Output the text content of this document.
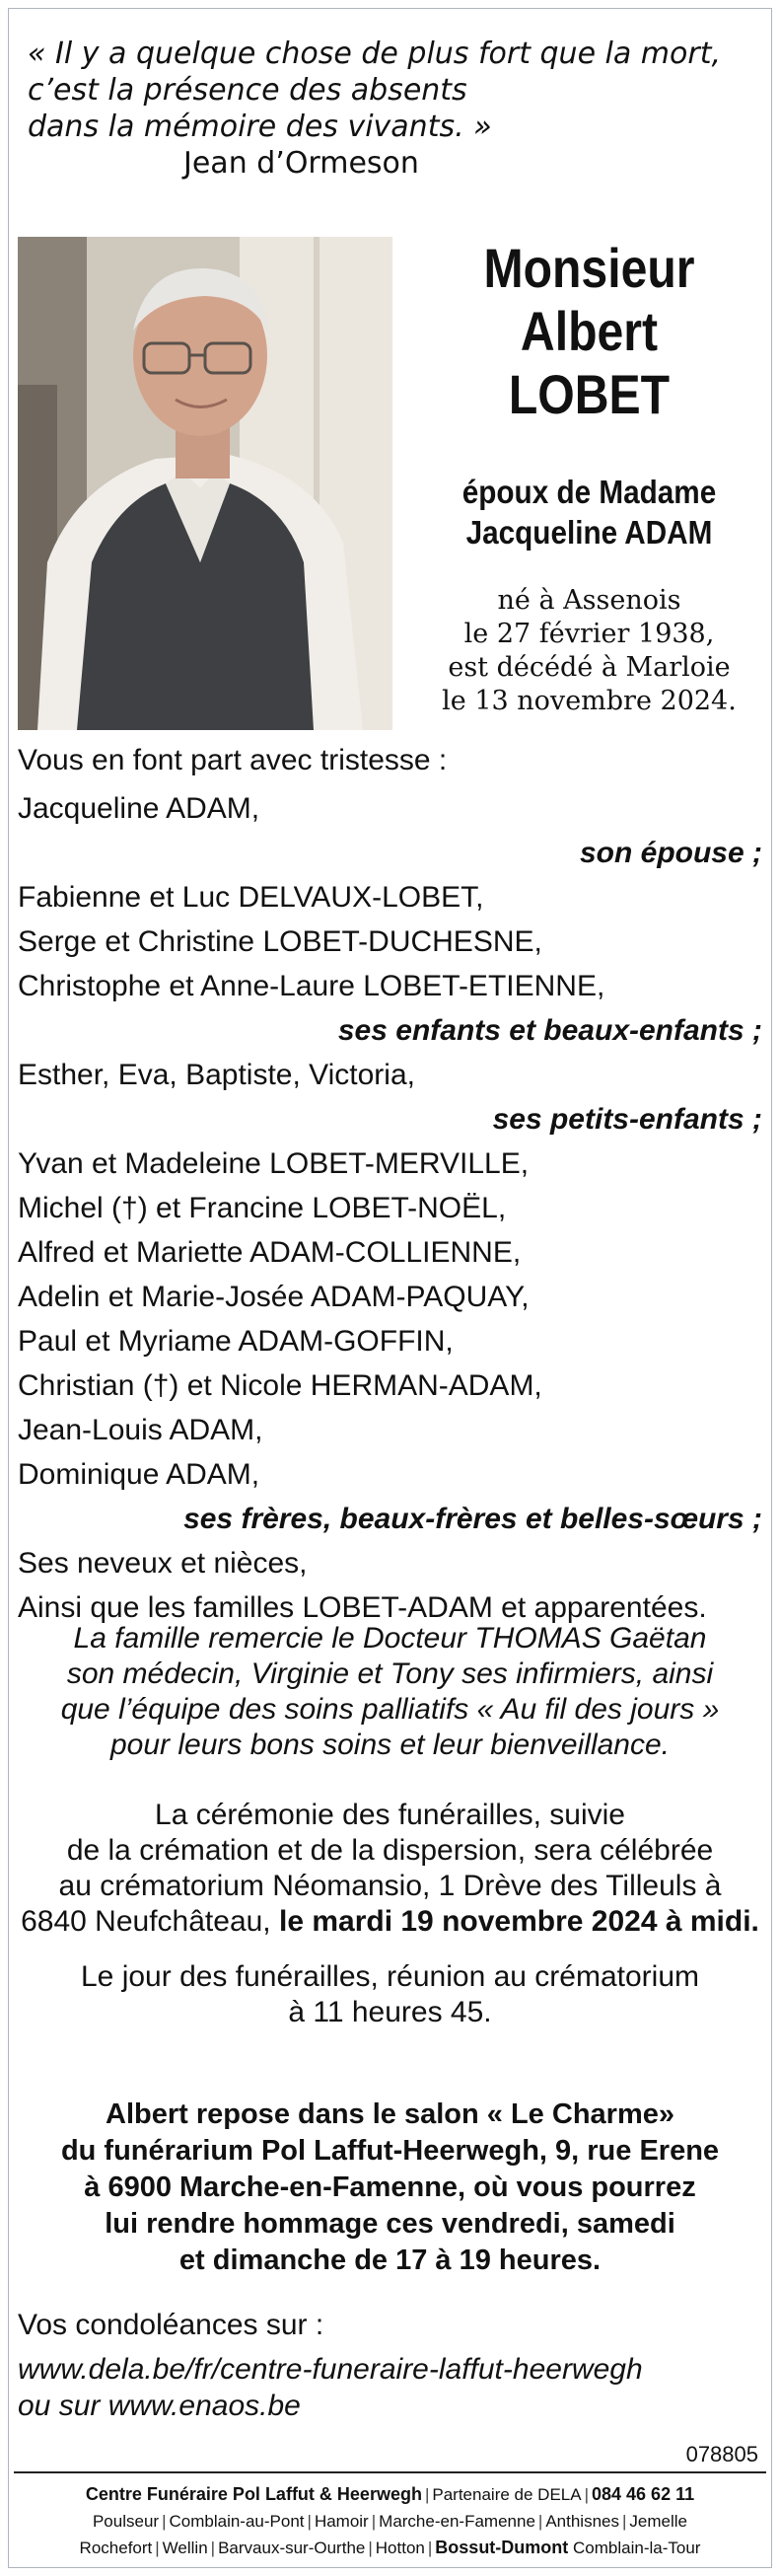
« Il y a quelque chose de plus fort que la mort,
c’est la présence des absents
dans la mémoire des vivants. »
Jean d’Ormeson
Monsieur
Albert
LOBET
époux de Madame
Jacqueline ADAM
né à Assenois
le 27 février 1938,
est décédé à Marloie
le 13 novembre 2024.
Vous en font part avec tristesse :
Jacqueline ADAM,
son épouse ;
Fabienne et Luc DELVAUX-LOBET,
Serge et Christine LOBET-DUCHESNE,
Christophe et Anne-Laure LOBET-ETIENNE,
ses enfants et beaux-enfants ;
Esther, Eva, Baptiste, Victoria,
ses petits-enfants ;
Yvan et Madeleine LOBET-MERVILLE,
Michel (†) et Francine LOBET-NOËL,
Alfred et Mariette ADAM-COLLIENNE,
Adelin et Marie-Josée ADAM-PAQUAY,
Paul et Myriame ADAM-GOFFIN,
Christian (†) et Nicole HERMAN-ADAM,
Jean-Louis ADAM,
Dominique ADAM,
ses frères, beaux-frères et belles-sœurs ;
Ses neveux et nièces,
Ainsi que les familles LOBET-ADAM et apparentées.
La famille remercie le Docteur THOMAS Gaëtan
son médecin, Virginie et Tony ses infirmiers, ainsi
que l’équipe des soins palliatifs « Au fil des jours »
pour leurs bons soins et leur bienveillance.
La cérémonie des funérailles, suivie
de la crémation et de la dispersion, sera célébrée
au crématorium Néomansio, 1 Drève des Tilleuls à
6840 Neufchâteau, le mardi 19 novembre 2024 à midi.
Le jour des funérailles, réunion au crématorium
à 11 heures 45.
Albert repose dans le salon « Le Charme»
du funérarium Pol Laffut-Heerwegh, 9, rue Erene
à 6900 Marche-en-Famenne, où vous pourrez
lui rendre hommage ces vendredi, samedi
et dimanche de 17 à 19 heures.
Vos condoléances sur :
www.dela.be/fr/centre-funeraire-laffut-heerwegh
ou sur www.enaos.be
078805
Centre Funéraire Pol Laffut & Heerwegh | Partenaire de DELA | 084 46 62 11
Poulseur | Comblain-au-Pont | Hamoir | Marche-en-Famenne | Anthisnes | Jemelle
Rochefort | Wellin | Barvaux-sur-Ourthe | Hotton | Bossut-Dumont Comblain-la-Tour
